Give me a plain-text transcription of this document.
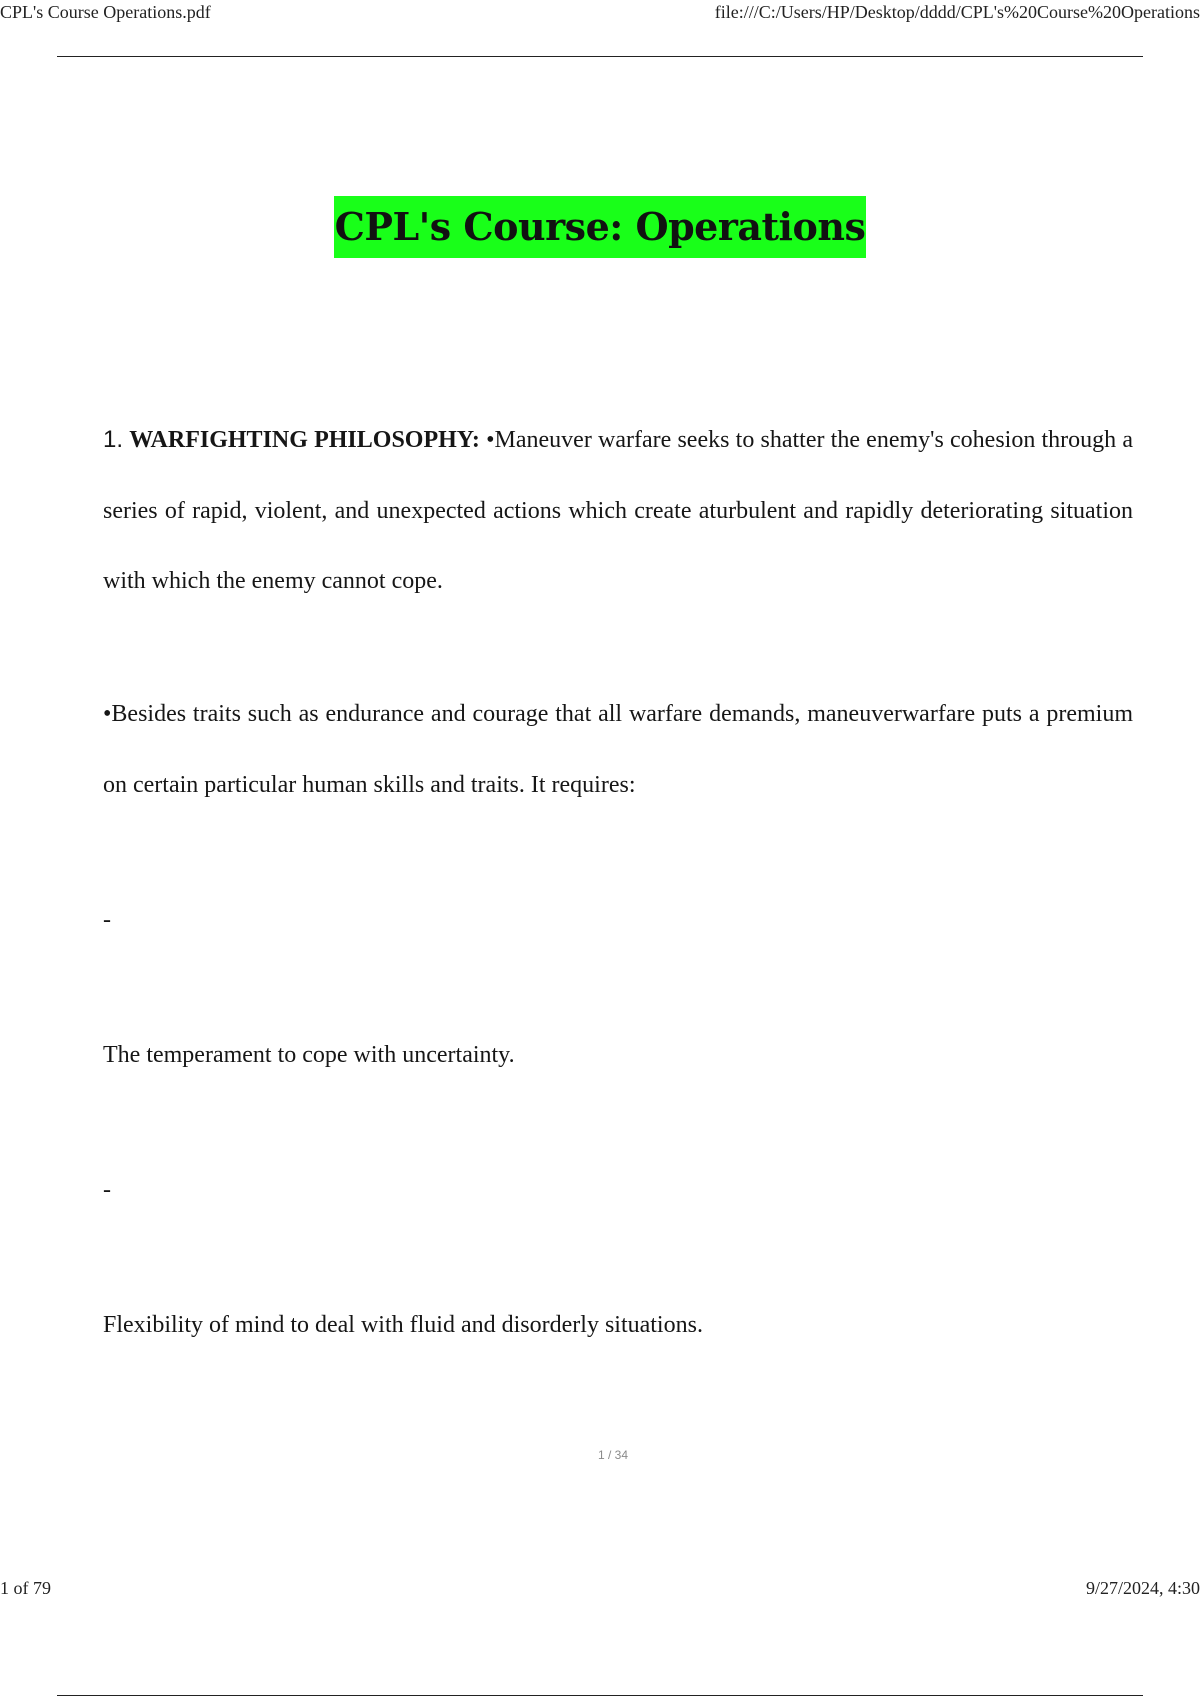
CPL's Course Operations.pdf	file:///C:/Users/HP/Desktop/dddd/CPL's%20Course%20Operations
CPL's Course: Operations
1. WARFIGHTING PHILOSOPHY: •Maneuver warfare seeks to shatter the enemy's cohesion through a series of rapid, violent, and unexpected actions which create aturbulent and rapidly deteriorating situation with which the enemy cannot cope.
•Besides traits such as endurance and courage that all warfare demands, maneuverwarfare puts a premium on certain particular human skills and traits. It requires:
-
The temperament to cope with uncertainty.
-
Flexibility of mind to deal with fluid and disorderly situations.
1 / 34
1 of 79	9/27/2024, 4:30
